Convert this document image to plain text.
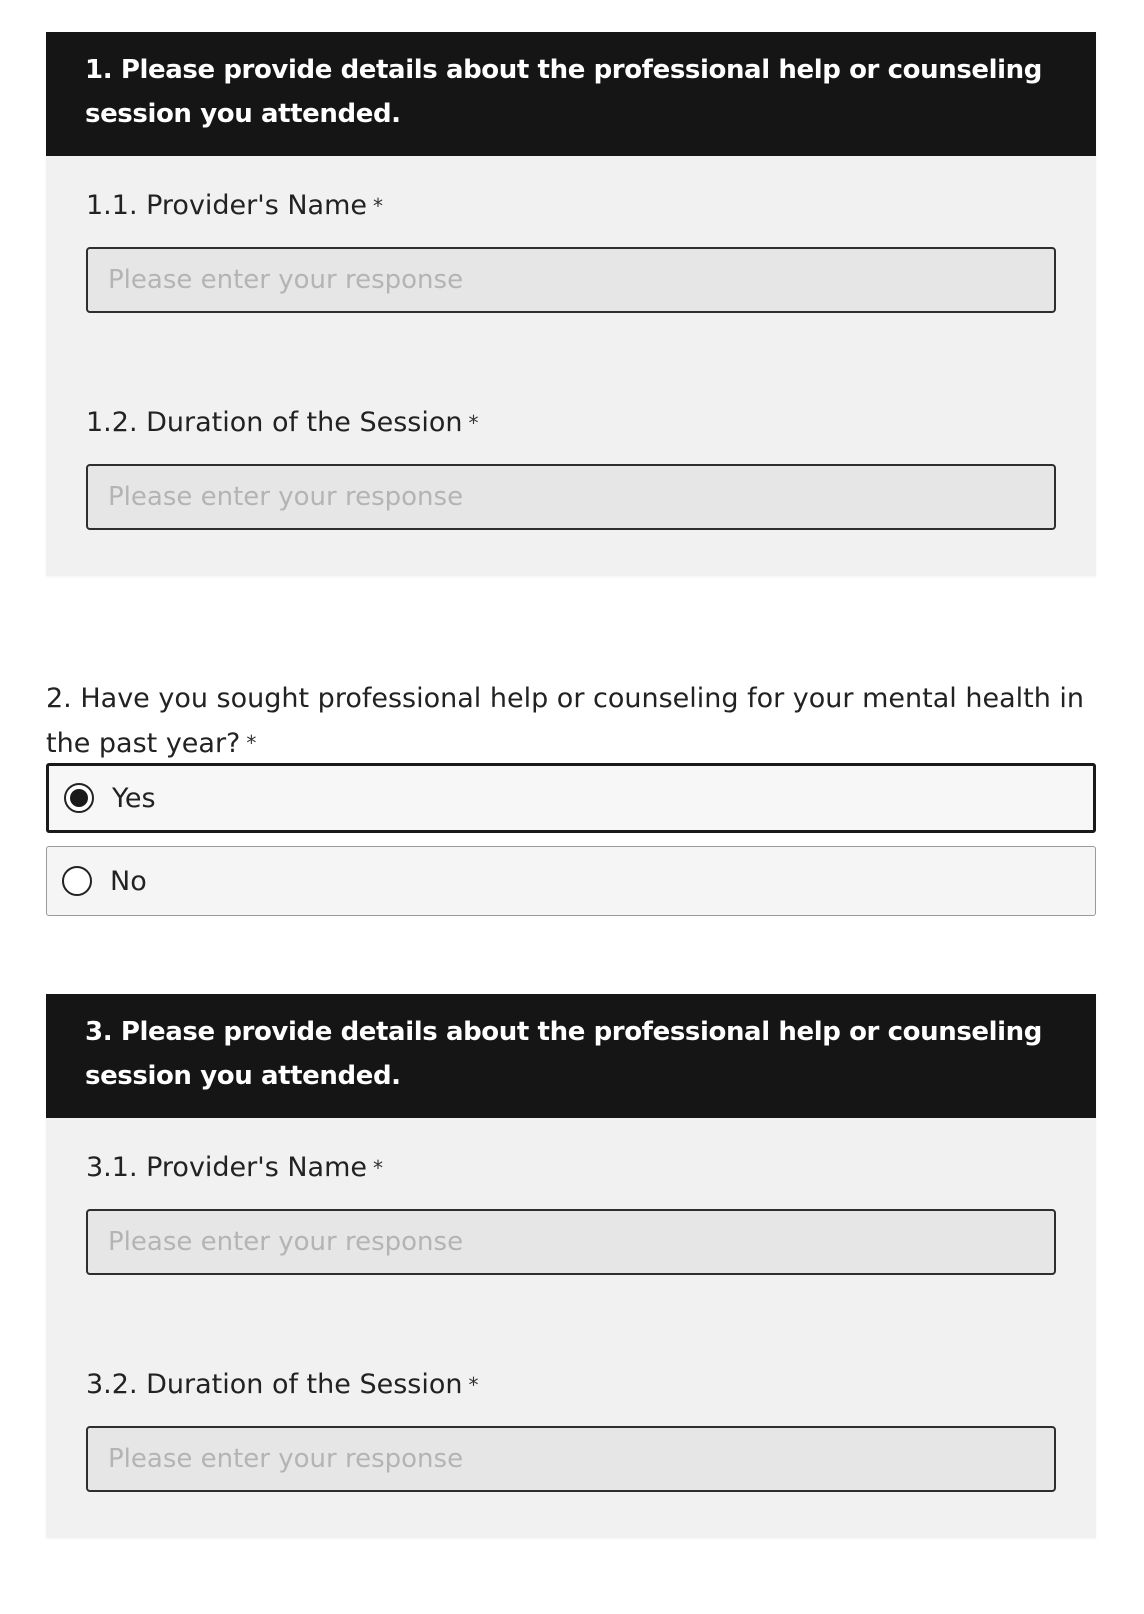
1. Please provide details about the professional help or counseling session you attended.

1.1. Provider's Name *

Please enter your response

1.2. Duration of the Session *

Please enter your response
2. Have you sought professional help or counseling for your mental health in the past year? *
Yes
No
3. Please provide details about the professional help or counseling session you attended.

3.1. Provider's Name *

Please enter your response

3.2. Duration of the Session *

Please enter your response
